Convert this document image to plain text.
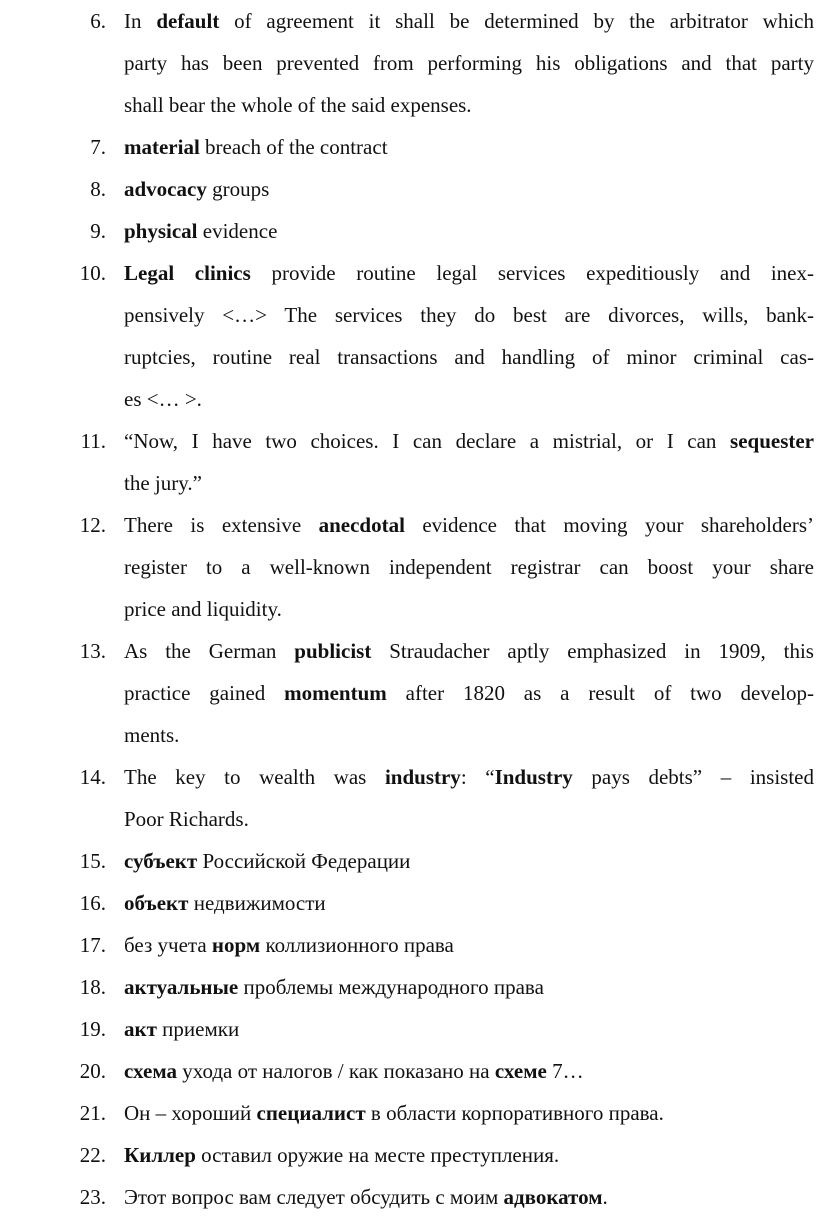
6. In default of agreement it shall be determined by the arbitrator which
party has been prevented from performing his obligations and that party
shall bear the whole of the said expenses.
7. material breach of the contract
8. advocacy groups
9. physical evidence
10. Legal clinics provide routine legal services expeditiously and inex-
pensively <…> The services they do best are divorces, wills, bank-
ruptcies, routine real transactions and handling of minor criminal cas-
es <… >.
11. “Now, I have two choices. I can declare a mistrial, or I can sequester
the jury.”
12. There is extensive anecdotal evidence that moving your shareholders’
register to a well-known independent registrar can boost your share
price and liquidity.
13. As the German publicist Straudacher aptly emphasized in 1909, this
practice gained momentum after 1820 as a result of two develop-
ments.
14. The key to wealth was industry: “Industry pays debts” – insisted
Poor Richards.
15. субъект Российской Федерации
16. объект недвижимости
17. без учета норм коллизионного права
18. актуальные проблемы международного права
19. акт приемки
20. схема ухода от налогов / как показано на схеме 7…
21. Он – хороший специалист в области корпоративного права.
22. Киллер оставил оружие на месте преступления.
23. Этот вопрос вам следует обсудить с моим адвокатом.
